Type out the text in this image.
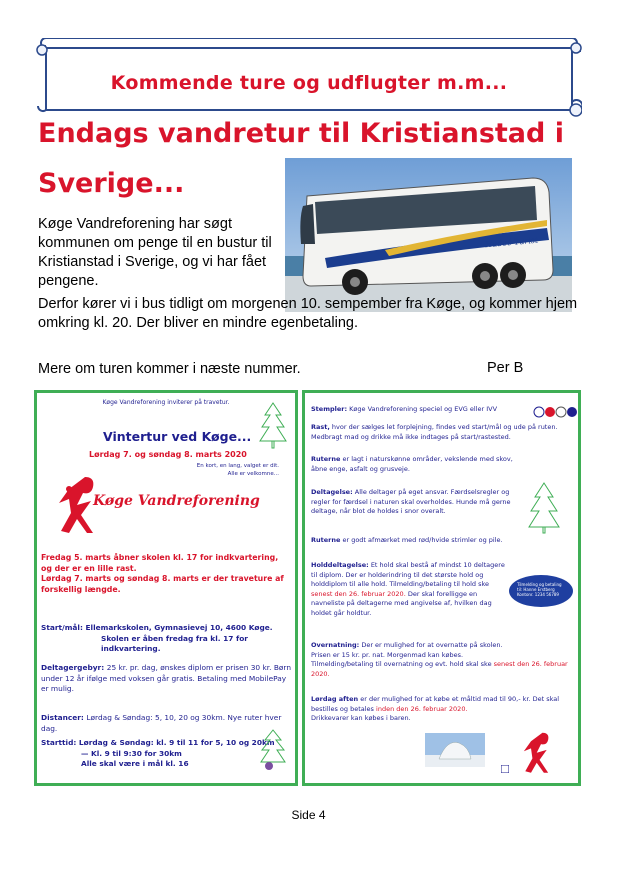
Kommende ture og udflugter m.m...
Endags vandretur til Kristianstad i
Sverige...
Hudeč Turist
Køge Vandreforening har søgt kommunen om penge til en bustur til Kristianstad i Sverige, og vi har fået pengene.
Derfor kører vi i bus tidligt om morgenen 10. sempember fra Køge, og kommer hjem omkring kl. 20. Der bliver en mindre egenbetaling.
Mere om turen kommer i næste nummer.	Per B
Køge Vandreforening inviterer på travetur.
Vintertur ved Køge...
Lørdag 7. og søndag 8. marts 2020
En kort, en lang, valget er dit.
Alle er velkomne...
Køge Vandreforening
Fredag 5. marts åbner skolen kl. 17 for indkvartering,
og der er en lille rast.
Lørdag 7. marts og søndag 8. marts er der traveture af
forskellig længde.
Start/mål: Ellemarkskolen, Gymnasievej 10, 4600 Køge.
Skolen er åben fredag fra kl. 17 for indkvartering.
Deltagergebyr: 25 kr. pr. dag, ønskes diplom er prisen 30 kr. Børn under 12 år ifølge med voksen går gratis. Betaling med MobilePay er mulig.
Distancer: Lørdag & Søndag: 5, 10, 20 og 30km. Nye ruter hver dag.
Starttid: Lørdag & Søndag: kl. 9 til 11 for 5, 10 og 20km
— Kl. 9 til 9:30 for 30km
Alle skal være i mål kl. 16
Stempler: Køge Vandreforening speciel og EVG eller IVV
Rast, hvor der sælges let forplejning, findes ved start/mål og ude på ruten. Medbragt mad og drikke må ikke indtages på start/rastested.
Ruterne er lagt i naturskønne områder, vekslende med skov, åbne enge, asfalt og grusveje.
Deltagelse: Alle deltager på eget ansvar. Færdselsregler og regler for færdsel i naturen skal overholdes. Hunde må gerne deltage, når blot de holdes i snor overalt.
Ruterne er godt afmærket med rød/hvide strimler og pile.
Holddeltagelse: Et hold skal bestå af mindst 10 deltagere til diplom. Der er holderindring til det største hold og holddiplom til alle hold. Tilmelding/betaling til hold ske senest den 26. februar 2020. Der skal forelligge en navneliste på deltagerne med angivelse af, hvilken dag holdet går holdtur.
Tilmelding og betaling til: Hanne Erstberg Kontonr. 1234 56789
Overnatning: Der er mulighed for at overnatte på skolen.
Prisen er 15 kr. pr. nat. Morgenmad kan købes.
Tilmelding/betaling til overnatning og evt. hold skal ske senest den 26. februar 2020.
Lørdag aften er der mulighed for at købe et måltid mad til 90,- kr. Det skal bestilles og betales inden den 26. februar 2020.
Drikkevarer kan købes i baren.
Side 4
